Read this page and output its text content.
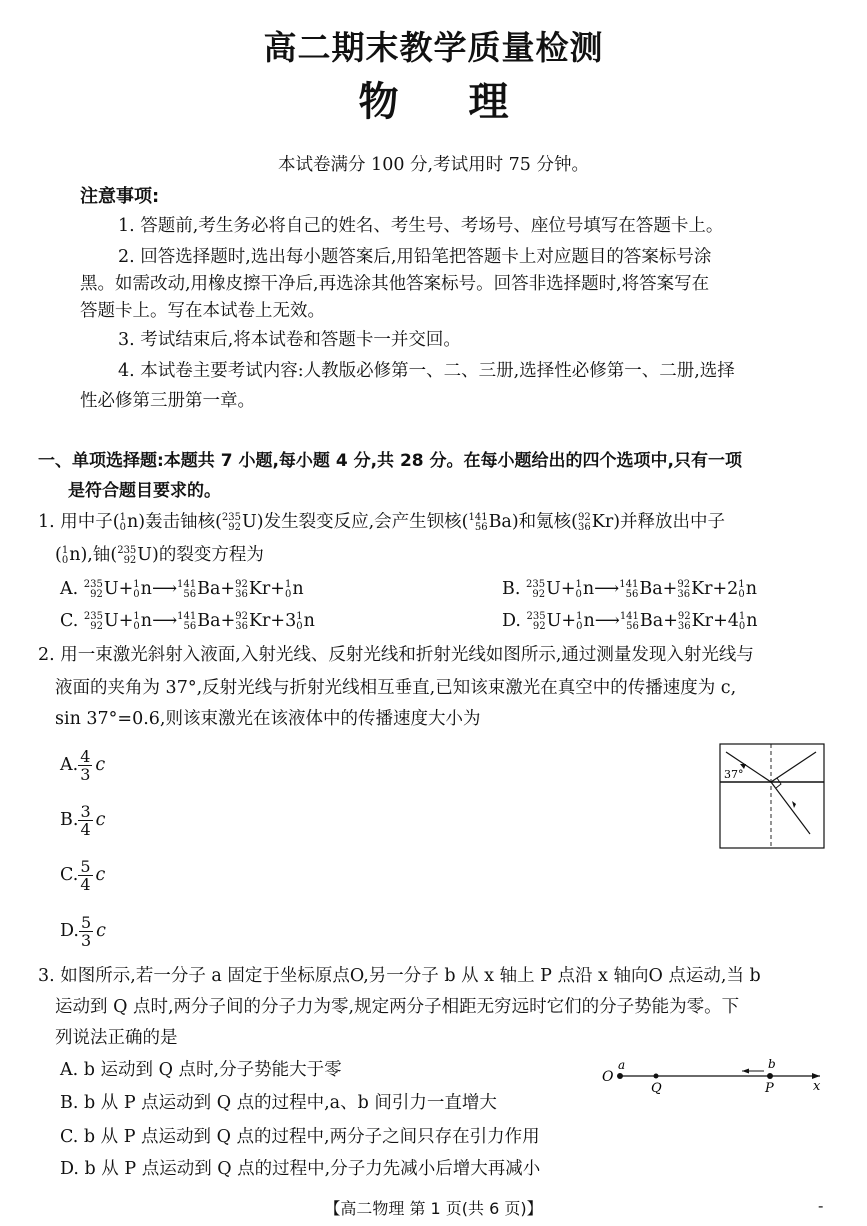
高二期末教学质量检测
物理
本试卷满分 100 分,考试用时 75 分钟。
注意事项:
1. 答题前,考生务必将自己的姓名、考生号、考场号、座位号填写在答题卡上。
2. 回答选择题时,选出每小题答案后,用铅笔把答题卡上对应题目的答案标号涂
黑。如需改动,用橡皮擦干净后,再选涂其他答案标号。回答非选择题时,将答案写在
答题卡上。写在本试卷上无效。
3. 考试结束后,将本试卷和答题卡一并交回。
4. 本试卷主要考试内容:人教版必修第一、二、三册,选择性必修第一、二册,选择
性必修第三册第一章。
一、单项选择题:本题共 7 小题,每小题 4 分,共 28 分。在每小题给出的四个选项中,只有一项
是符合题目要求的。
1. 用中子( 1
0 n)轰击铀核( 235
92 U)发生裂变反应,会产生钡核( 141
56 Ba)和氪核( 92
36 Kr)并释放出中子
( 1
0 n),铀( 235
92 U)的裂变方程为
A. 235
92 U+ 1
0 n⟶ 141
56 Ba+ 92
36 Kr+ 1
0 n	B. 235
92 U+ 1
0 n⟶ 141
56 Ba+ 92
36 Kr+2 1
0 n
C. 235
92 U+ 1
0 n⟶ 141
56 Ba+ 92
36 Kr+3 1
0 n	D. 235
92 U+ 1
0 n⟶ 141
56 Ba+ 92
36 Kr+4 1
0 n
2. 用一束激光斜射入液面,入射光线、反射光线和折射光线如图所示,通过测量发现入射光线与
液面的夹角为 37°,反射光线与折射光线相互垂直,已知该束激光在真空中的传播速度为 c,
sin 37°=0.6,则该束激光在该液体中的传播速度大小为
A. $\frac{4}{3}$ c
B. $\frac{3}{4}$ c
C. $\frac{5}{4}$ c
D. $\frac{5}{3}$ c
37°
3. 如图所示,若一分子 a 固定于坐标原点O,另一分子 b 从 x 轴上 P 点沿 x 轴向O 点运动,当 b
运动到 Q 点时,两分子间的分子力为零,规定两分子相距无穷远时它们的分子势能为零。下
列说法正确的是
A. b 运动到 Q 点时,分子势能大于零
B. b 从 P 点运动到 Q 点的过程中,a、b 间引力一直增大
C. b 从 P 点运动到 Q 点的过程中,两分子之间只存在引力作用
D. b 从 P 点运动到 Q 点的过程中,分子力先减小后增大再减小
O
a
Q
b
P	x
【高二物理 第 1 页(共 6 页)】	-
